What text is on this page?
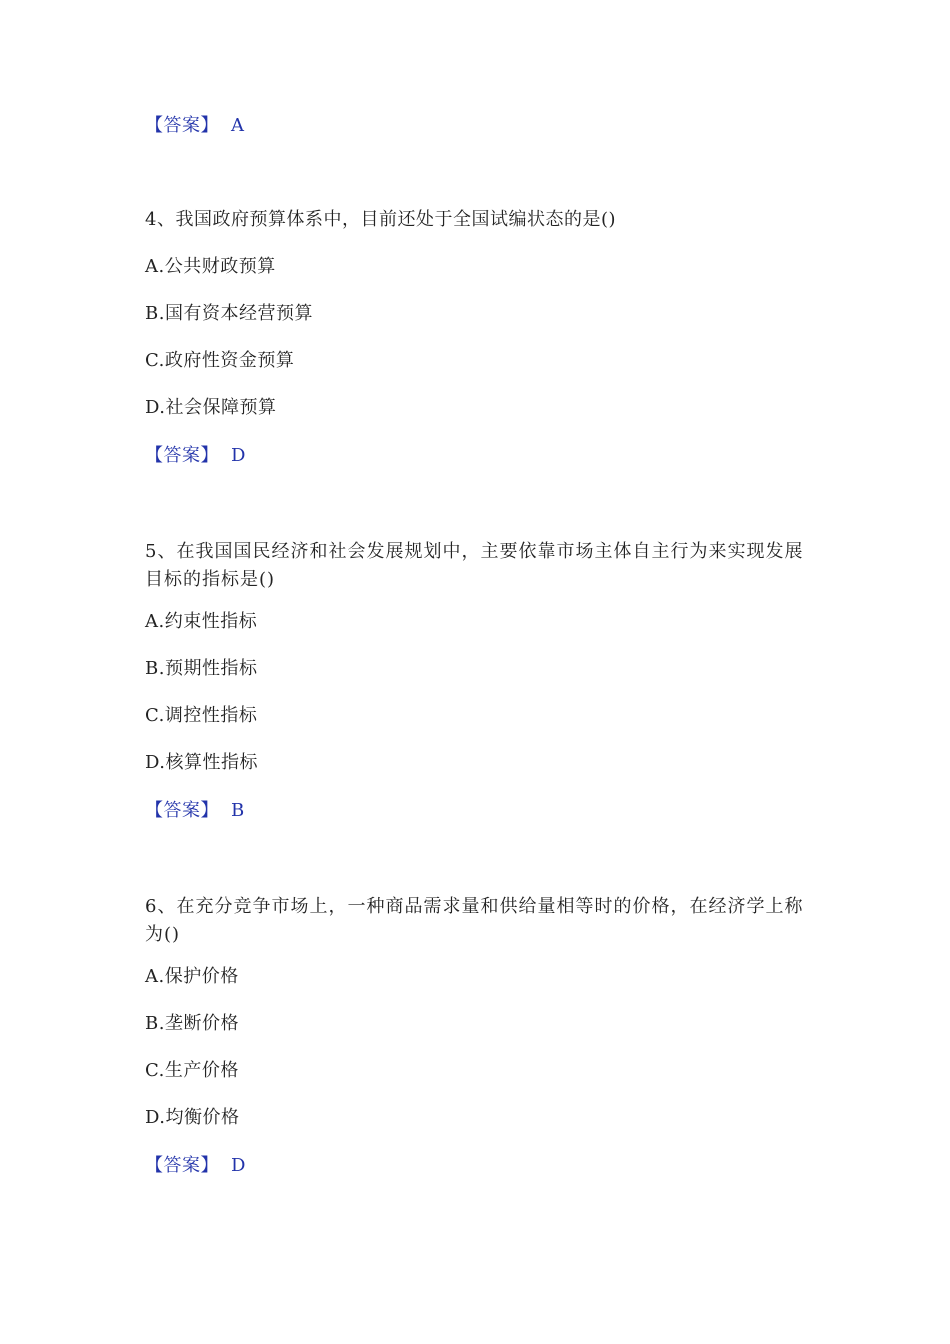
【答案】 A
4、我国政府预算体系中，目前还处于全国试编状态的是()
A.公共财政预算
B.国有资本经营预算
C.政府性资金预算
D.社会保障预算
【答案】 D
5、在我国国民经济和社会发展规划中，主要依靠市场主体自主行为来实现发展目标的指标是()
A.约束性指标
B.预期性指标
C.调控性指标
D.核算性指标
【答案】 B
6、在充分竞争市场上，一种商品需求量和供给量相等时的价格，在经济学上称为()
A.保护价格
B.垄断价格
C.生产价格
D.均衡价格
【答案】 D
